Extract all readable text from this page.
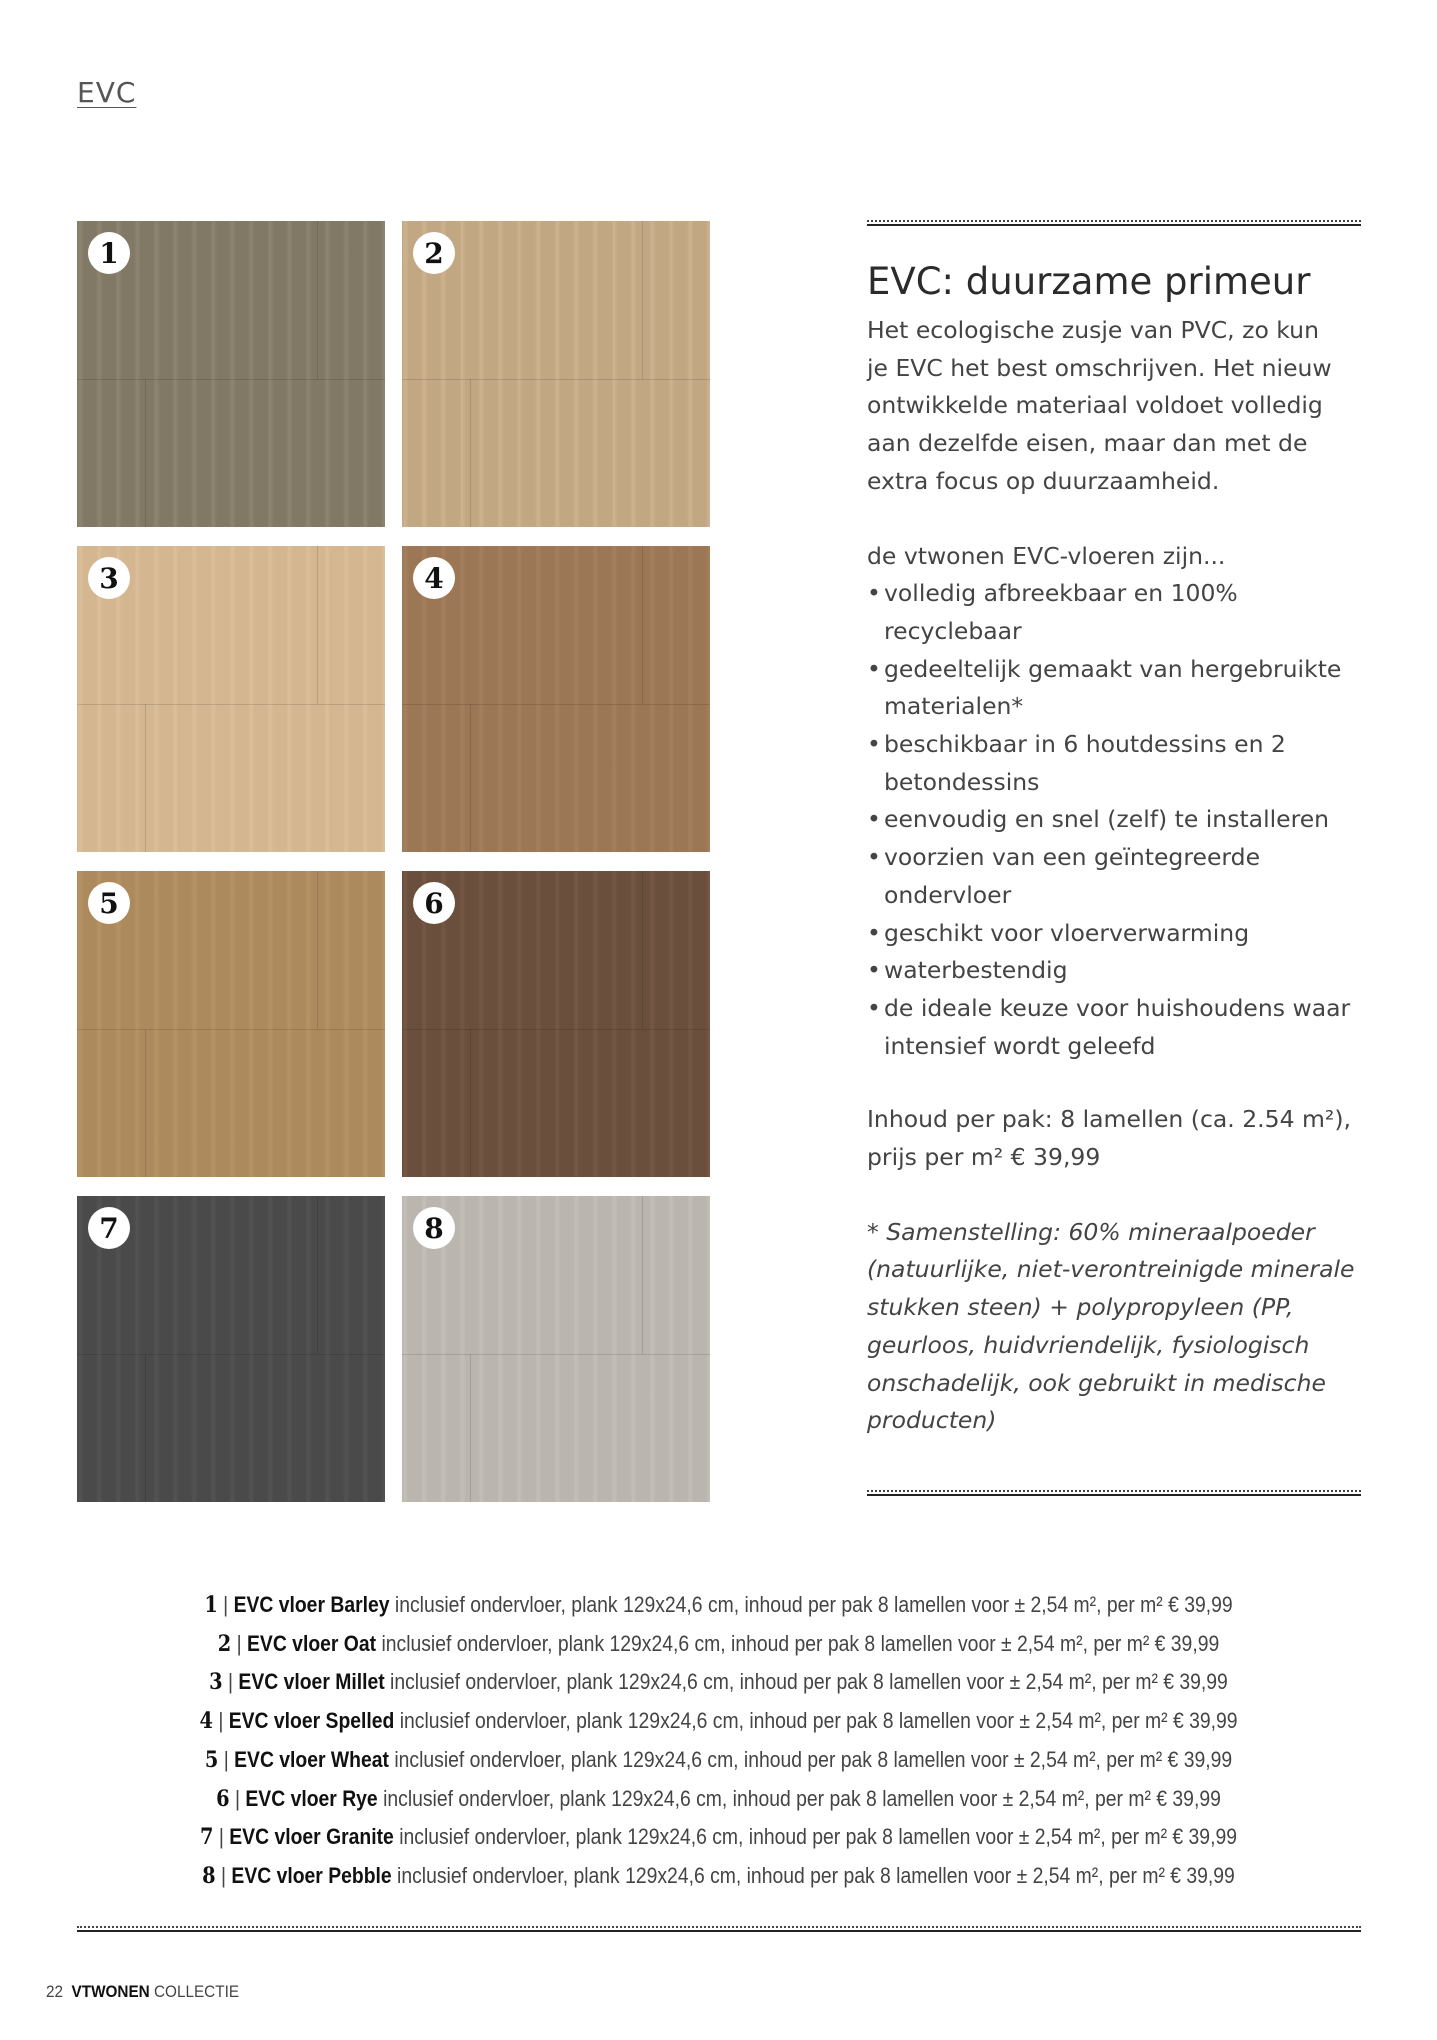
EVC
1	2
3	4
5	6
7	8
EVC: duurzame primeur

Het ecologische zusje van PVC, zo kun
je EVC het best omschrijven. Het nieuw
ontwikkelde materiaal voldoet volledig
aan dezelfde eisen, maar dan met de
extra focus op duurzaamheid.

de vtwonen EVC-vloeren zijn...

• volledig afbreekbaar en 100% recyclebaar
• gedeeltelijk gemaakt van hergebruikte materialen*
• beschikbaar in 6 houtdessins en 2 betondessins
• eenvoudig en snel (zelf) te installeren
• voorzien van een geïntegreerde ondervloer
• geschikt voor vloerverwarming
• waterbestendig
• de ideale keuze voor huishoudens waar intensief wordt geleefd

Inhoud per pak: 8 lamellen (ca. 2.54 m²),

prijs per m² € 39,99

* Samenstelling: 60% mineraalpoeder (natuurlijke, niet-verontreinigde minerale stukken steen) + polypropyleen (PP, geurloos, huidvriendelijk, fysiologisch onschadelijk, ook gebruikt in medische producten)

1 | EVC vloer Barley inclusief ondervloer, plank 129x24,6 cm, inhoud per pak 8 lamellen voor ± 2,54 m², per m² € 39,99
2 | EVC vloer Oat inclusief ondervloer, plank 129x24,6 cm, inhoud per pak 8 lamellen voor ± 2,54 m², per m² € 39,99
3 | EVC vloer Millet inclusief ondervloer, plank 129x24,6 cm, inhoud per pak 8 lamellen voor ± 2,54 m², per m² € 39,99
4 | EVC vloer Spelled inclusief ondervloer, plank 129x24,6 cm, inhoud per pak 8 lamellen voor ± 2,54 m², per m² € 39,99
5 | EVC vloer Wheat inclusief ondervloer, plank 129x24,6 cm, inhoud per pak 8 lamellen voor ± 2,54 m², per m² € 39,99
6 | EVC vloer Rye inclusief ondervloer, plank 129x24,6 cm, inhoud per pak 8 lamellen voor ± 2,54 m², per m² € 39,99
7 | EVC vloer Granite inclusief ondervloer, plank 129x24,6 cm, inhoud per pak 8 lamellen voor ± 2,54 m², per m² € 39,99
8 | EVC vloer Pebble inclusief ondervloer, plank 129x24,6 cm, inhoud per pak 8 lamellen voor ± 2,54 m², per m² € 39,99
22 VTWONEN COLLECTIE
